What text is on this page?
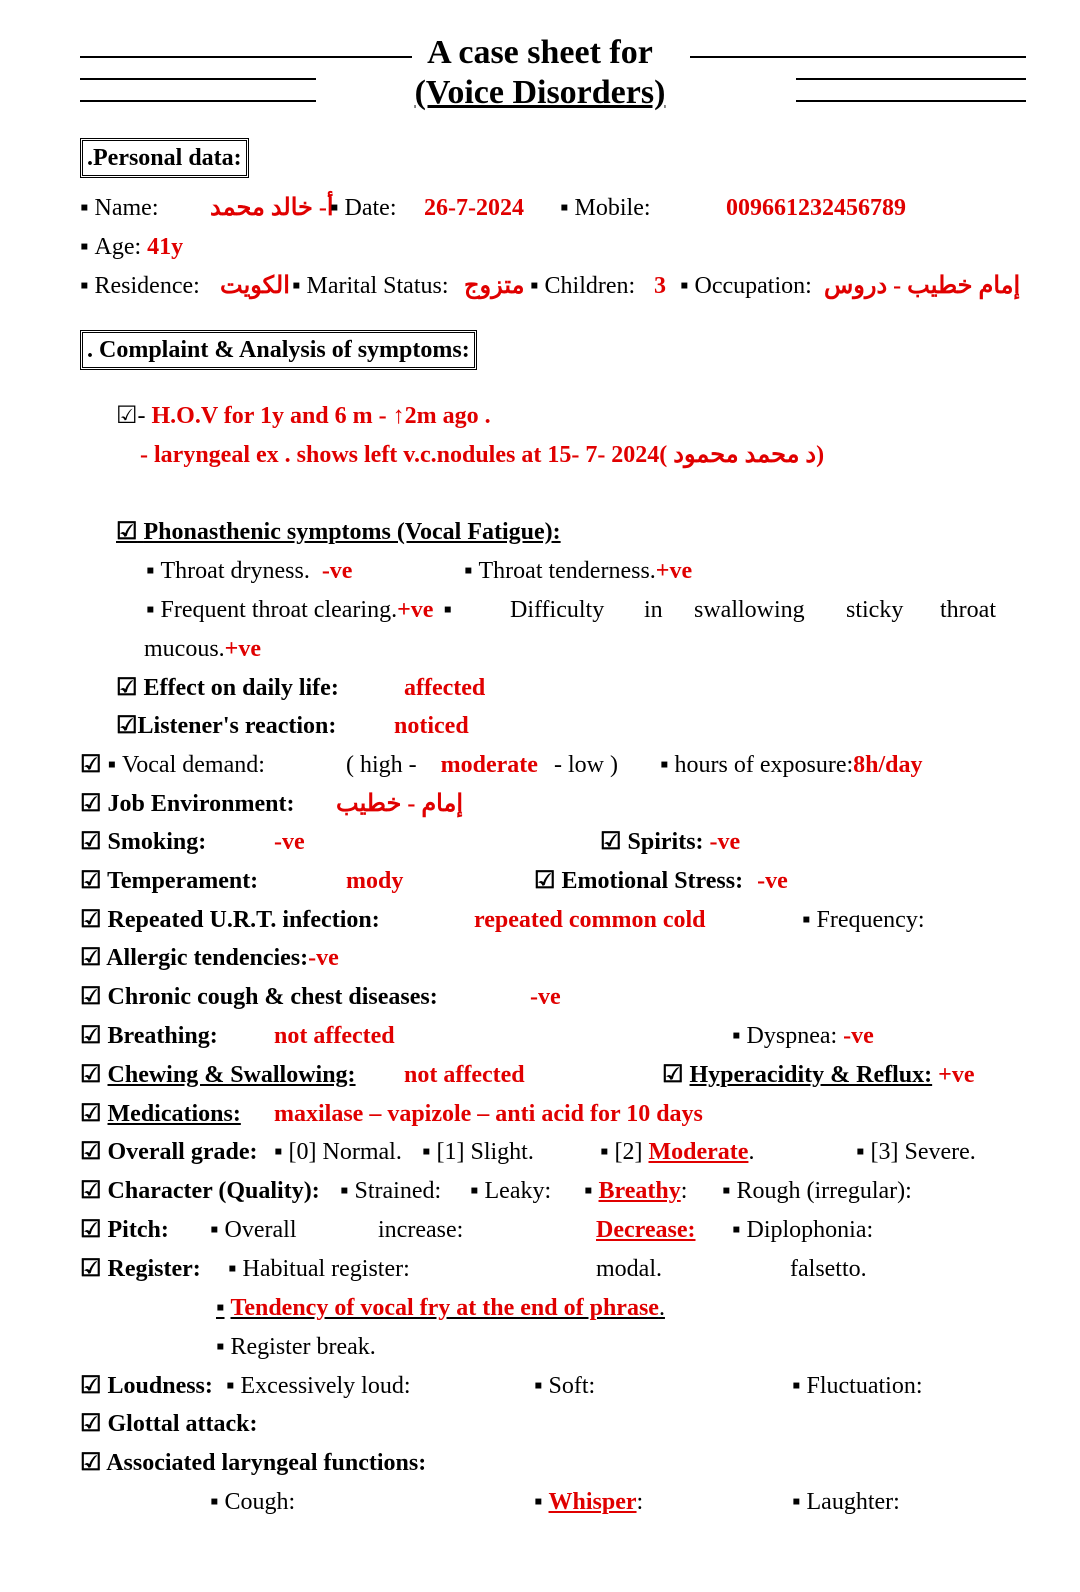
A case sheet for
(Voice Disorders)
.Personal data:
▪ Name: أ- خالد محمد ▪ Date: 26-7-2024	▪ Mobile:	009661232456789
▪ Age: 41y
▪ Residence: الكويت ▪ Marital Status: متزوج ▪ Children: 3	▪ Occupation: إمام خطيب - دروس
. Complaint & Analysis of symptoms:
☑- H.O.V for 1y and 6 m - ↑2m ago .
- laryngeal ex . shows left v.c.nodules at 15- 7- 2024( د محمد محمود)
☑ Phonasthenic symptoms (Vocal Fatigue):
▪ Throat dryness. -ve	▪ Throat tenderness.+ve
▪ Frequent throat clearing.+ve ▪ Difficulty in swallowing sticky throat
mucous.+ve
☑ Effect on daily life:	affected
☑Listener's reaction: noticed
☑ ▪ Vocal demand:	( high - moderate - low )	▪ hours of exposure:8h/day
☑ Job Environment: إمام - خطيب
☑ Smoking:	-ve	☑ Spirits: -ve
☑ Temperament:	mody	☑ Emotional Stress: -ve
☑ Repeated U.R.T. infection:	repeated common cold	▪ Frequency:
☑ Allergic tendencies:-ve
☑ Chronic cough & chest diseases:	-ve
☑ Breathing: not affected	▪ Dyspnea: -ve
☑ Chewing & Swallowing: not affected	☑ Hyperacidity & Reflux: +ve
☑ Medications: maxilase – vapizole – anti acid for 10 days
☑ Overall grade:	▪ [0] Normal.	▪ [1] Slight.	▪ [2] Moderate.	▪ [3] Severe.
☑ Character (Quality):	▪ Strained:	▪ Leaky: ▪	Breathy:	▪ Rough (irregular):
☑ Pitch:	▪ Overall	increase:	Decrease:	▪ Diplophonia:
☑ Register:	▪ Habitual register:	modal.	falsetto.
▪ Tendency of vocal fry at the end of phrase.
▪ Register break.
☑ Loudness:	▪ Excessively loud:	▪ Soft:	▪ Fluctuation:
☑ Glottal attack:
☑ Associated laryngeal functions:
▪ Cough: ▪	Whisper:	▪ Laughter:
